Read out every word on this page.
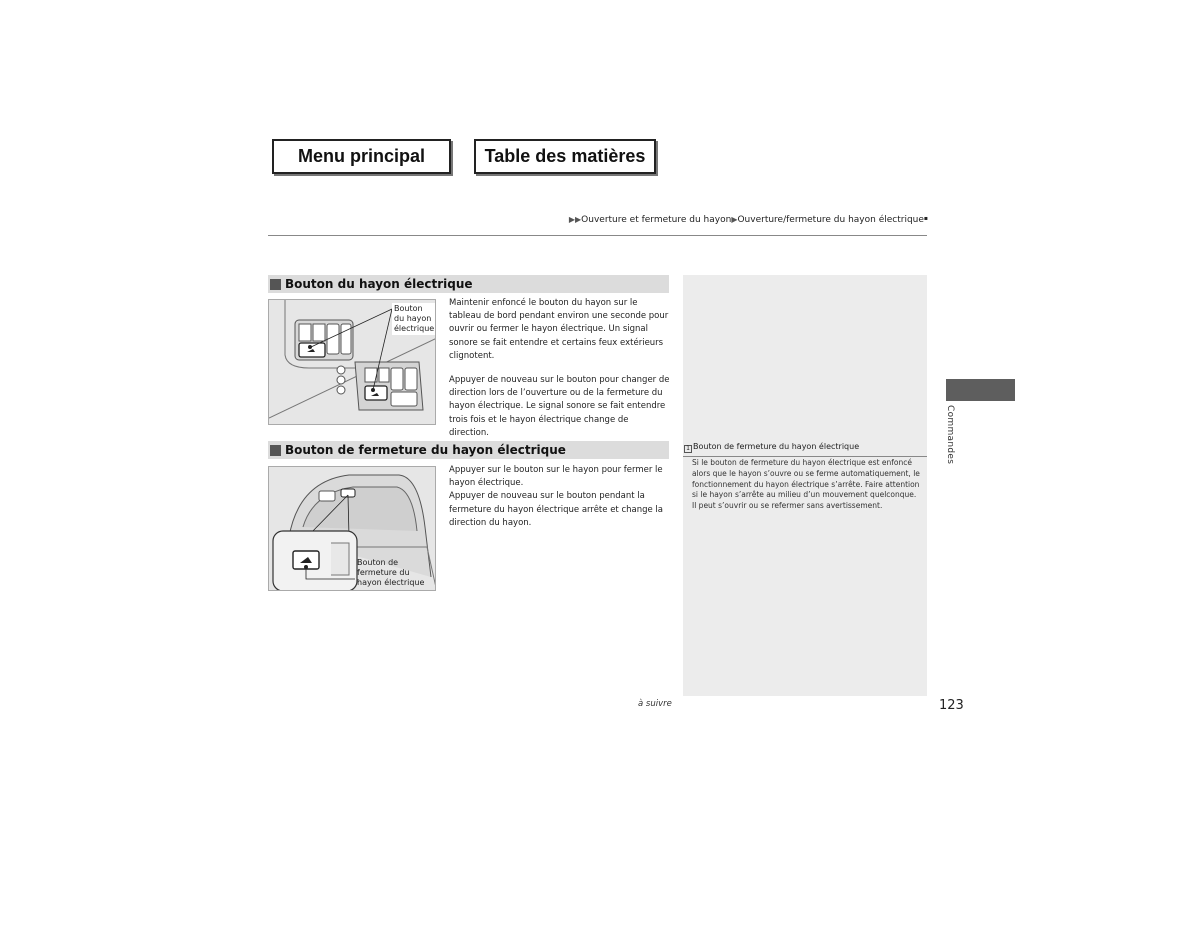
Menu principal	Table des matières
▶▶Ouverture et fermeture du hayon▶Ouverture/fermeture du hayon électrique▪
Bouton du hayon électrique
Bouton du hayon électrique
Maintenir enfoncé le bouton du hayon sur le tableau de bord pendant environ une seconde pour ouvrir ou fermer le hayon électrique. Un signal sonore se fait entendre et certains feux extérieurs clignotent.
Appuyer de nouveau sur le bouton pour changer de direction lors de l’ouverture ou de la fermeture du hayon électrique. Le signal sonore se fait entendre trois fois et le hayon électrique change de direction.
Bouton de fermeture du hayon électrique
Bouton de fermeture du hayon électrique
Appuyer sur le bouton sur le hayon pour fermer le hayon électrique.
Appuyer de nouveau sur le bouton pendant la fermeture du hayon électrique arrête et change la direction du hayon.
1 Bouton de fermeture du hayon électrique
Si le bouton de fermeture du hayon électrique est enfoncé alors que le hayon s’ouvre ou se ferme automatiquement, le fonctionnement du hayon électrique s’arrête. Faire attention si le hayon s’arrête au milieu d’un mouvement quelconque. Il peut s’ouvrir ou se refermer sans avertissement.
Commandes
à suivre	123
